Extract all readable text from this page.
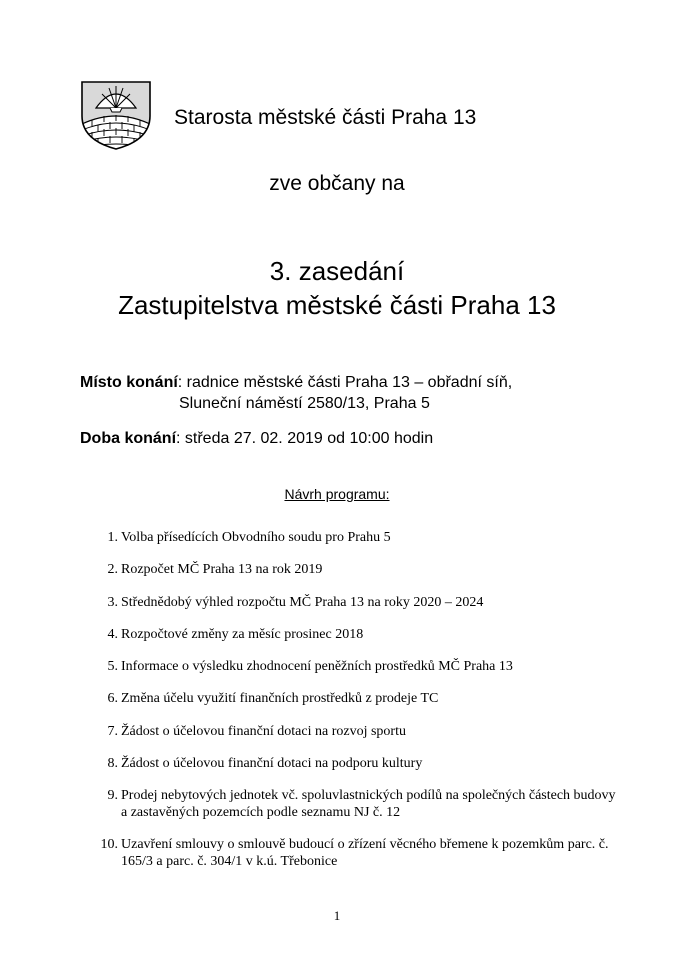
Starosta městské části Praha 13
zve občany na
3. zasedání
Zastupitelstva městské části Praha 13
Místo konání: radnice městské části Praha 13 – obřadní síň,
Sluneční náměstí 2580/13, Praha 5
Doba konání: středa 27. 02. 2019 od 10:00 hodin
Návrh programu:
1. Volba přísedících Obvodního soudu pro Prahu 5
2. Rozpočet MČ Praha 13 na rok 2019
3. Střednědobý výhled rozpočtu MČ Praha 13 na roky 2020 – 2024
4. Rozpočtové změny za měsíc prosinec 2018
5. Informace o výsledku zhodnocení peněžních prostředků MČ Praha 13
6. Změna účelu využití finančních prostředků z prodeje TC
7. Žádost o účelovou finanční dotaci na rozvoj sportu
8. Žádost o účelovou finanční dotaci na podporu kultury
9. Prodej nebytových jednotek vč. spoluvlastnických podílů na společných částech budovy
a zastavěných pozemcích podle seznamu NJ č. 12
10. Uzavření smlouvy o smlouvě budoucí o zřízení věcného břemene k pozemkům parc. č.
165/3 a parc. č. 304/1 v k.ú. Třebonice
1
